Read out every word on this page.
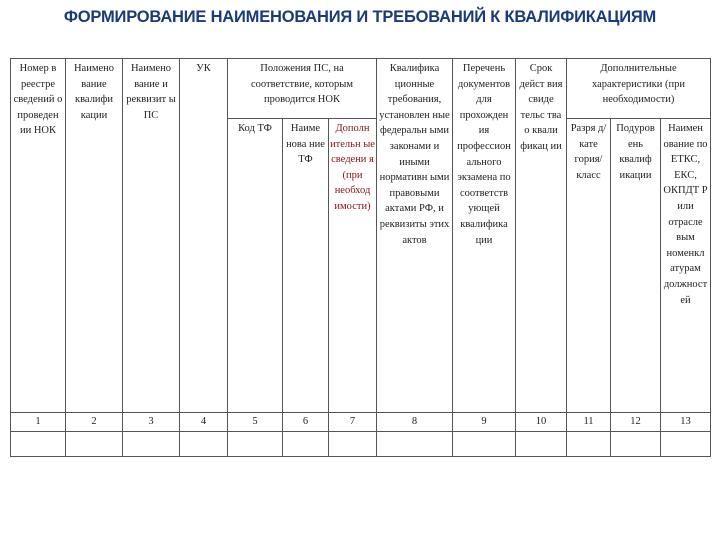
ФОРМИРОВАНИЕ НАИМЕНОВАНИЯ И ТРЕБОВАНИЙ К КВАЛИФИКАЦИЯМ
Номер в реестре сведений о проведен ии НОК	Наимено вание квалифи кации	Наимено вание и реквизит ы ПС	УК	Положения ПС, на соответствие, которым проводится НОК			Квалифика ционные требования, установлен ные федеральн ыми законами и иными нормативн ыми правовыми актами РФ, и реквизиты этих актов	Перечень документов для прохожден ия профессион ального экзамена по соответств ующей квалифика ции	Срок дейст вия свиде тельс тва о квали фикац ии	Дополнительные характеристики (при необходимости)		
				Код ТФ	Наиме нова ние ТФ	Дополн ительн ые сведени я (при необход имости)				Разря д/кате гория/ класс	Подуров ень квалиф икации	Наимен ование по ЕТКС, ЕКС, ОКПДТ Р или отрасле вым номенкл атурам должност ей
1	2	3	4	5	6	7	8	9	10	11	12	13
